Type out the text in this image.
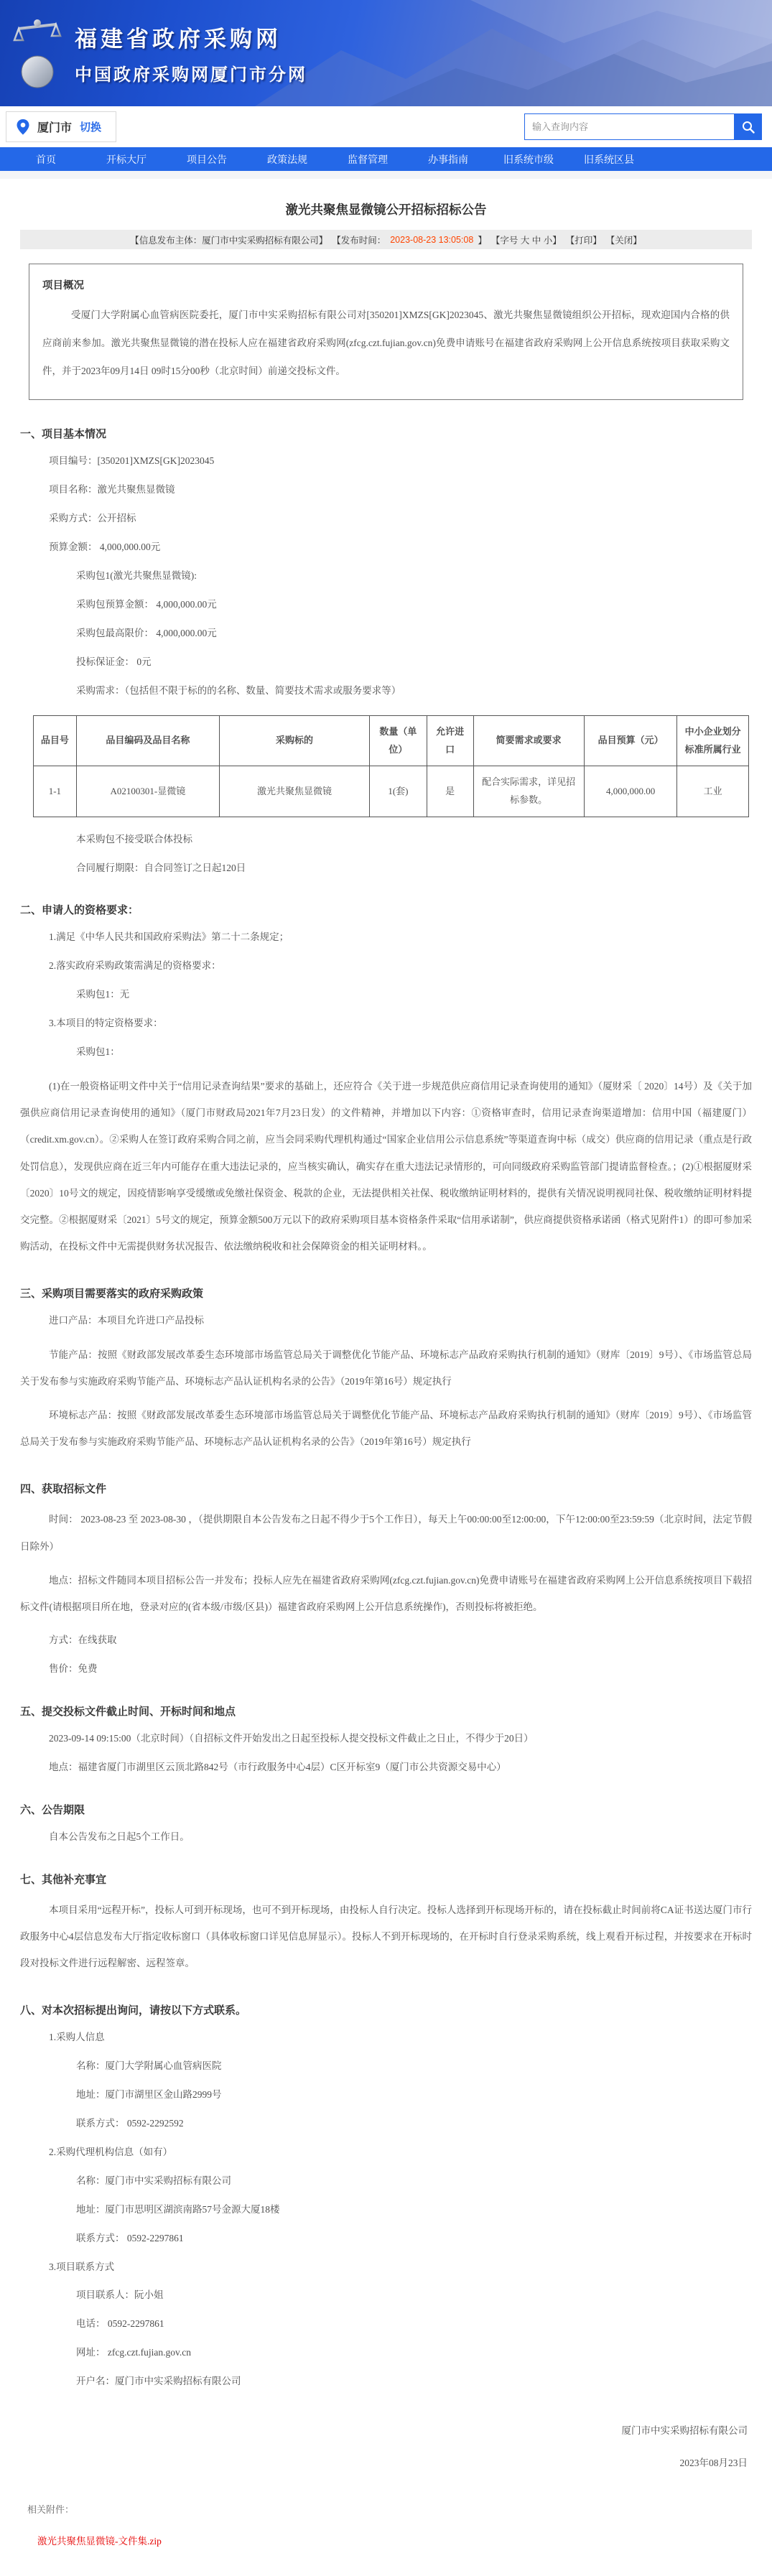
福建省政府采购网
中国政府采购网厦门市分网
厦门市 切换
输入查询内容
首页	开标大厅	项目公告	政策法规	监督管理	办事指南	旧系统市级	旧系统区县
激光共聚焦显微镜公开招标招标公告
【信息发布主体：厦门市中实采购招标有限公司】 【发布时间： 2023-08-23 13:05:08 】 【字号 大 中 小】 【打印】 【关闭】
项目概况
受厦门大学附属心血管病医院委托，厦门市中实采购招标有限公司对[350201]XMZS[GK]2023045、激光共聚焦显微镜组织公开招标，现欢迎国内合格的供应商前来参加。激光共聚焦显微镜的潜在投标人应在福建省政府采购网(zfcg.czt.fujian.gov.cn)免费申请账号在福建省政府采购网上公开信息系统按项目获取采购文件，并于2023年09月14日 09时15分00秒（北京时间）前递交投标文件。
一、项目基本情况
项目编号：[350201]XMZS[GK]2023045
项目名称：激光共聚焦显微镜
采购方式：公开招标
预算金额： 4,000,000.00元
采购包1(激光共聚焦显微镜):
采购包预算金额： 4,000,000.00元
采购包最高限价： 4,000,000.00元
投标保证金： 0元
采购需求：（包括但不限于标的的名称、数量、简要技术需求或服务要求等）
品目号	品目编码及品目名称	采购标的	数量（单位）	允许进口	简要需求或要求	品目预算（元）	中小企业划分标准所属行业
1-1	A02100301-显微镜	激光共聚焦显微镜	1(套)	是	配合实际需求，详见招标参数。	4,000,000.00	工业
本采购包不接受联合体投标
合同履行期限：自合同签订之日起120日
二、申请人的资格要求：
1.满足《中华人民共和国政府采购法》第二十二条规定；
2.落实政府采购政策需满足的资格要求：
采购包1：无
3.本项目的特定资格要求：
采购包1：
(1)在一般资格证明文件中关于“信用记录查询结果”要求的基础上，还应符合《关于进一步规范供应商信用记录查询使用的通知》（厦财采〔 2020〕14号）及《关于加强供应商信用记录查询使用的通知》（厦门市财政局2021年7月23日发）的文件精神，并增加以下内容：①资格审查时，信用记录查询渠道增加：信用中国（福建厦门）（credit.xm.gov.cn）。②采购人在签订政府采购合同之前，应当会同采购代理机构通过“国家企业信用公示信息系统”等渠道查询中标（成交）供应商的信用记录（重点是行政处罚信息），发现供应商在近三年内可能存在重大违法记录的，应当核实确认，确实存在重大违法记录情形的，可向同级政府采购监管部门提请监督检查。；(2)①根据厦财采〔2020〕10号文的规定，因疫情影响享受缓缴或免缴社保资金、税款的企业，无法提供相关社保、税收缴纳证明材料的，提供有关情况说明视同社保、税收缴纳证明材料提交完整。②根据厦财采〔2021〕5号文的规定，预算金额500万元以下的政府采购项目基本资格条件采取“信用承诺制”，供应商提供资格承诺函（格式见附件1）的即可参加采购活动，在投标文件中无需提供财务状况报告、依法缴纳税收和社会保障资金的相关证明材料。。
三、采购项目需要落实的政府采购政策
进口产品：本项目允许进口产品投标
节能产品：按照《财政部发展改革委生态环境部市场监管总局关于调整优化节能产品、环境标志产品政府采购执行机制的通知》（财库〔2019〕9号）、《市场监管总局关于发布参与实施政府采购节能产品、环境标志产品认证机构名录的公告》（2019年第16号）规定执行
环境标志产品：按照《财政部发展改革委生态环境部市场监管总局关于调整优化节能产品、环境标志产品政府采购执行机制的通知》（财库〔2019〕9号）、《市场监管总局关于发布参与实施政府采购节能产品、环境标志产品认证机构名录的公告》（2019年第16号）规定执行
四、获取招标文件
时间： 2023-08-23 至 2023-08-30 ，（提供期限自本公告发布之日起不得少于5个工作日），每天上午00:00:00至12:00:00，下午12:00:00至23:59:59（北京时间，法定节假日除外）
地点：招标文件随同本项目招标公告一并发布；投标人应先在福建省政府采购网(zfcg.czt.fujian.gov.cn)免费申请账号在福建省政府采购网上公开信息系统按项目下载招标文件(请根据项目所在地，登录对应的(省本级/市级/区县)）福建省政府采购网上公开信息系统操作)，否则投标将被拒绝。
方式：在线获取
售价：免费
五、提交投标文件截止时间、开标时间和地点
2023-09-14 09:15:00（北京时间）（自招标文件开始发出之日起至投标人提交投标文件截止之日止，不得少于20日）
地点：福建省厦门市湖里区云顶北路842号（市行政服务中心4层）C区开标室9（厦门市公共资源交易中心）
六、公告期限
自本公告发布之日起5个工作日。
七、其他补充事宜
本项目采用“远程开标”，投标人可到开标现场，也可不到开标现场，由投标人自行决定。投标人选择到开标现场开标的，请在投标截止时间前将CA证书送达厦门市行政服务中心4层信息发布大厅指定收标窗口（具体收标窗口详见信息屏显示）。投标人不到开标现场的，在开标时自行登录采购系统，线上观看开标过程，并按要求在开标时段对投标文件进行远程解密、远程签章。
八、对本次招标提出询问，请按以下方式联系。
1.采购人信息
名称：厦门大学附属心血管病医院
地址：厦门市湖里区金山路2999号
联系方式： 0592-2292592
2.采购代理机构信息（如有）
名称：厦门市中实采购招标有限公司
地址：厦门市思明区湖滨南路57号金源大厦18楼
联系方式： 0592-2297861
3.项目联系方式
项目联系人：阮小姐
电话： 0592-2297861
网址： zfcg.czt.fujian.gov.cn
开户名：厦门市中实采购招标有限公司
厦门市中实采购招标有限公司
2023年08月23日
相关附件：
激光共聚焦显微镜-文件集.zip
